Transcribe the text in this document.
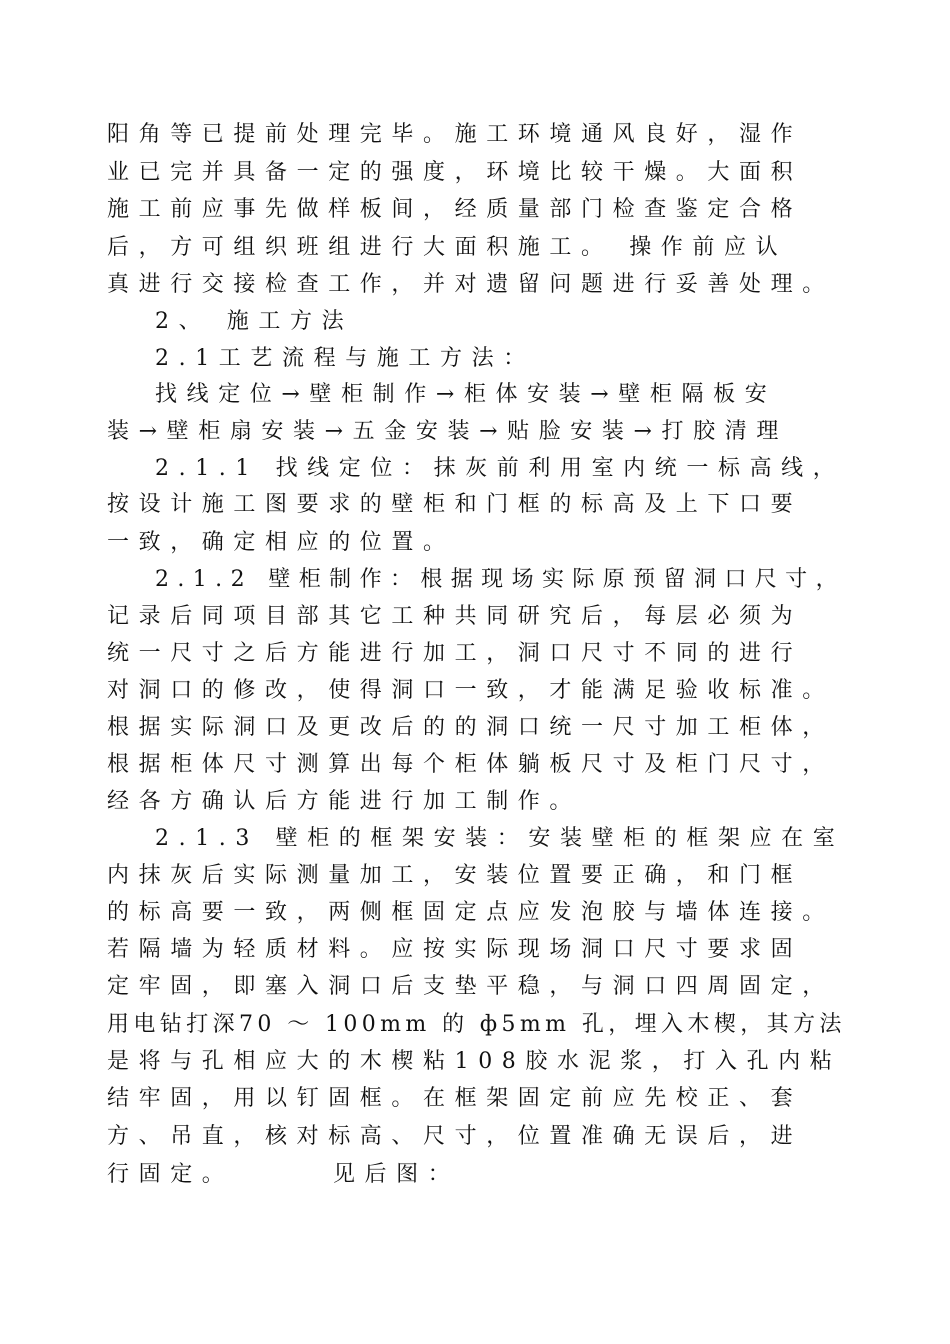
阳角等已提前处理完毕。施工环境通风良好，湿作
业已完并具备一定的强度，环境比较干燥。大面积
施工前应事先做样板间，经质量部门检查鉴定合格
后，方可组织班组进行大面积施工。 操作前应认
真进行交接检查工作，并对遗留问题进行妥善处理。
2、 施工方法
2.1工艺流程与施工方法：
找线定位→壁柜制作→柜体安装→壁柜隔板安
装→壁柜扇安装→五金安装→贴脸安装→打胶清理
2.1.1 找线定位：抹灰前利用室内统一标高线，
按设计施工图要求的壁柜和门框的标高及上下口要
一致，确定相应的位置。
2.1.2 壁柜制作：根据现场实际原预留洞口尺寸，
记录后同项目部其它工种共同研究后，每层必须为
统一尺寸之后方能进行加工，洞口尺寸不同的进行
对洞口的修改，使得洞口一致，才能满足验收标准。
根据实际洞口及更改后的的洞口统一尺寸加工柜体，
根据柜体尺寸测算出每个柜体躺板尺寸及柜门尺寸，
经各方确认后方能进行加工制作。
2.1.3 壁柜的框架安装：安装壁柜的框架应在室
内抹灰后实际测量加工，安装位置要正确，和门框
的标高要一致，两侧框固定点应发泡胶与墙体连接。
若隔墙为轻质材料。应按实际现场洞口尺寸要求固
定牢固，即塞入洞口后支垫平稳，与洞口四周固定，
用电钻打深70 ～ 100mm 的 ф5mm 孔，埋入木楔，其方法
是将与孔相应大的木楔粘108胶水泥浆，打入孔内粘
结牢固，用以钉固框。在框架固定前应先校正、套
方、吊直，核对标高、尺寸，位置准确无误后，进
行固定。      见后图：
